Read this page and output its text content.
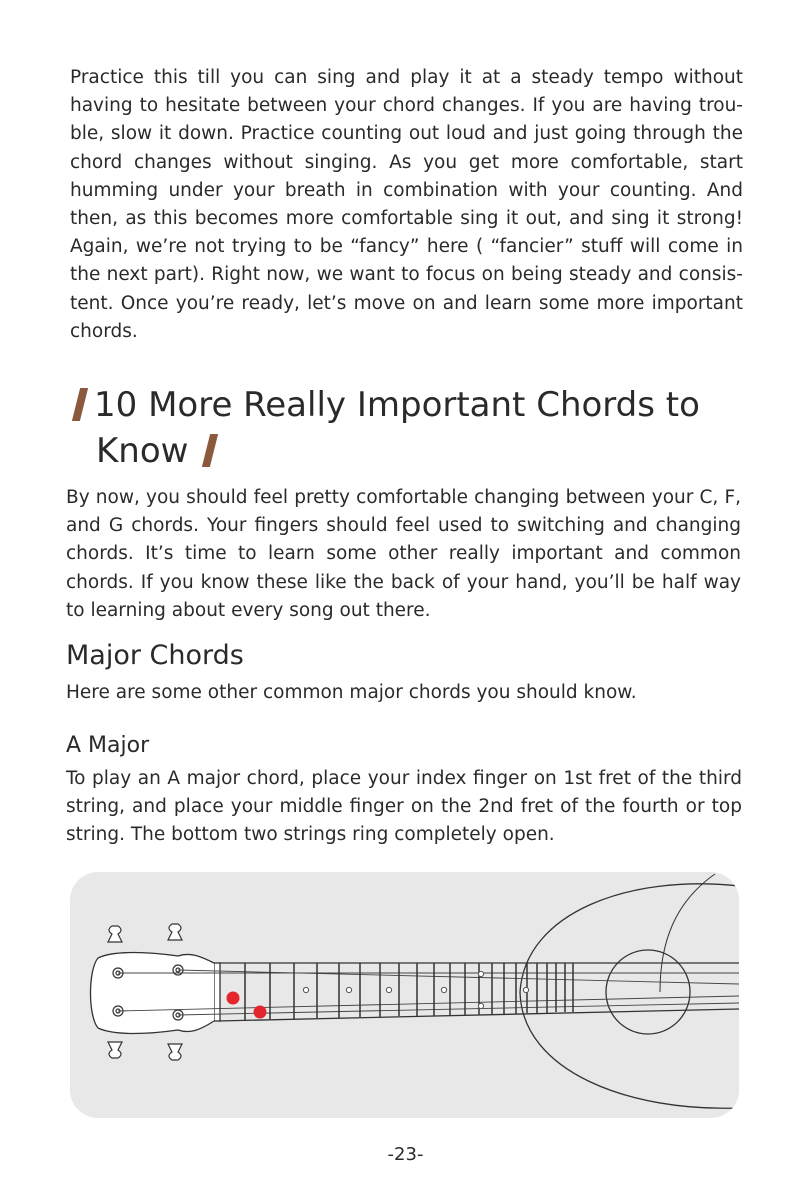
Practice this till you can sing and play it at a steady tempo without having to hesitate between your chord changes. If you are having trou-ble, slow it down. Practice counting out loud and just going through the chord changes without singing. As you get more comfortable, start humming under your breath in combination with your counting. And then, as this becomes more comfortable sing it out, and sing it strong! Again, we’re not trying to be “fancy” here ( “fancier” stuff will come in the next part). Right now, we want to focus on being steady and consis-tent. Once you’re ready, let’s move on and learn some more important chords.

10 More Really Important Chords to
Know

By now, you should feel pretty comfortable changing between your C, F, and G chords. Your fingers should feel used to switching and changing chords. It’s time to learn some other really important and common chords. If you know these like the back of your hand, you’ll be half way to learning about every song out there.

Major Chords

Here are some other common major chords you should know.

A Major

To play an A major chord, place your index finger on 1st fret of the third string, and place your middle finger on the 2nd fret of the fourth or top string. The bottom two strings ring completely open.

-23-
